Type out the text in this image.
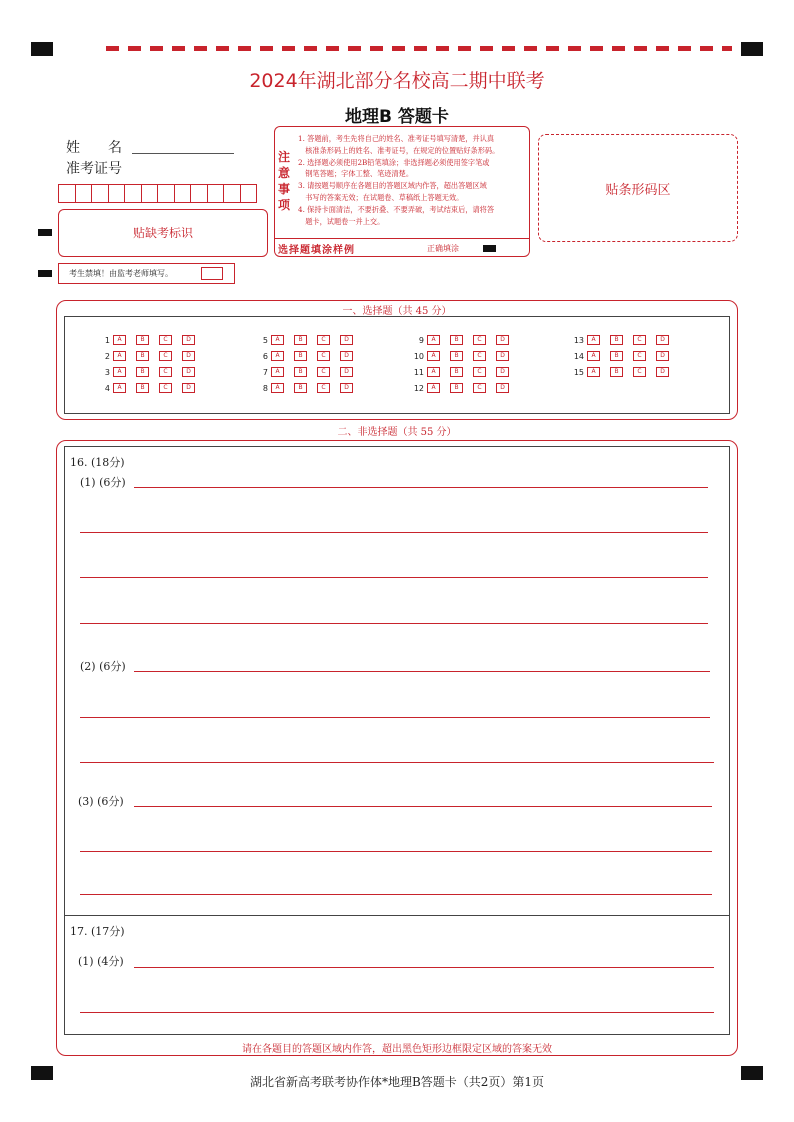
2024年湖北部分名校高二期中联考
地理B 答题卡
姓　　名
准考证号
贴缺考标识
考生禁填！由监考老师填写。
注
意
事
项
1. 答题前，考生先将自己的姓名、准考证号填写清楚，并认真
　核准条形码上的姓名、准考证号，在规定的位置贴好条形码。
2. 选择题必须使用2B铅笔填涂；非选择题必须使用签字笔或
　钢笔答题；字体工整、笔迹清楚。
3. 请按题号顺序在各题目的答题区域内作答，超出答题区域
　书写的答案无效；在试题卷、草稿纸上答题无效。
4. 保持卡面清洁，不要折叠、不要弄破，考试结束后，请将答
　题卡，试题卷一并上交。
选择题填涂样例	正确填涂
贴条形码区
一、选择题（共 45 分）
1 A	B	C	D
2 A	B	C	D
3 A	B	C	D
4 A	B	C	D
5 A	B	C	D
6 A	B	C	D
7 A	B	C	D
8 A	B	C	D
9 A	B	C	D
10 A	B	C	D
11 A	B	C	D
12 A	B	C	D
13 A	B	C	D
14 A	B	C	D
15 A	B	C	D
二、非选择题（共 55 分）
16. (18分)
(1) (6分)
(2) (6分)
(3) (6分)
17. (17分)
(1) (4分)
请在各题目的答题区域内作答，超出黑色矩形边框限定区域的答案无效
湖北省新高考联考协作体*地理B答题卡（共2页）第1页
